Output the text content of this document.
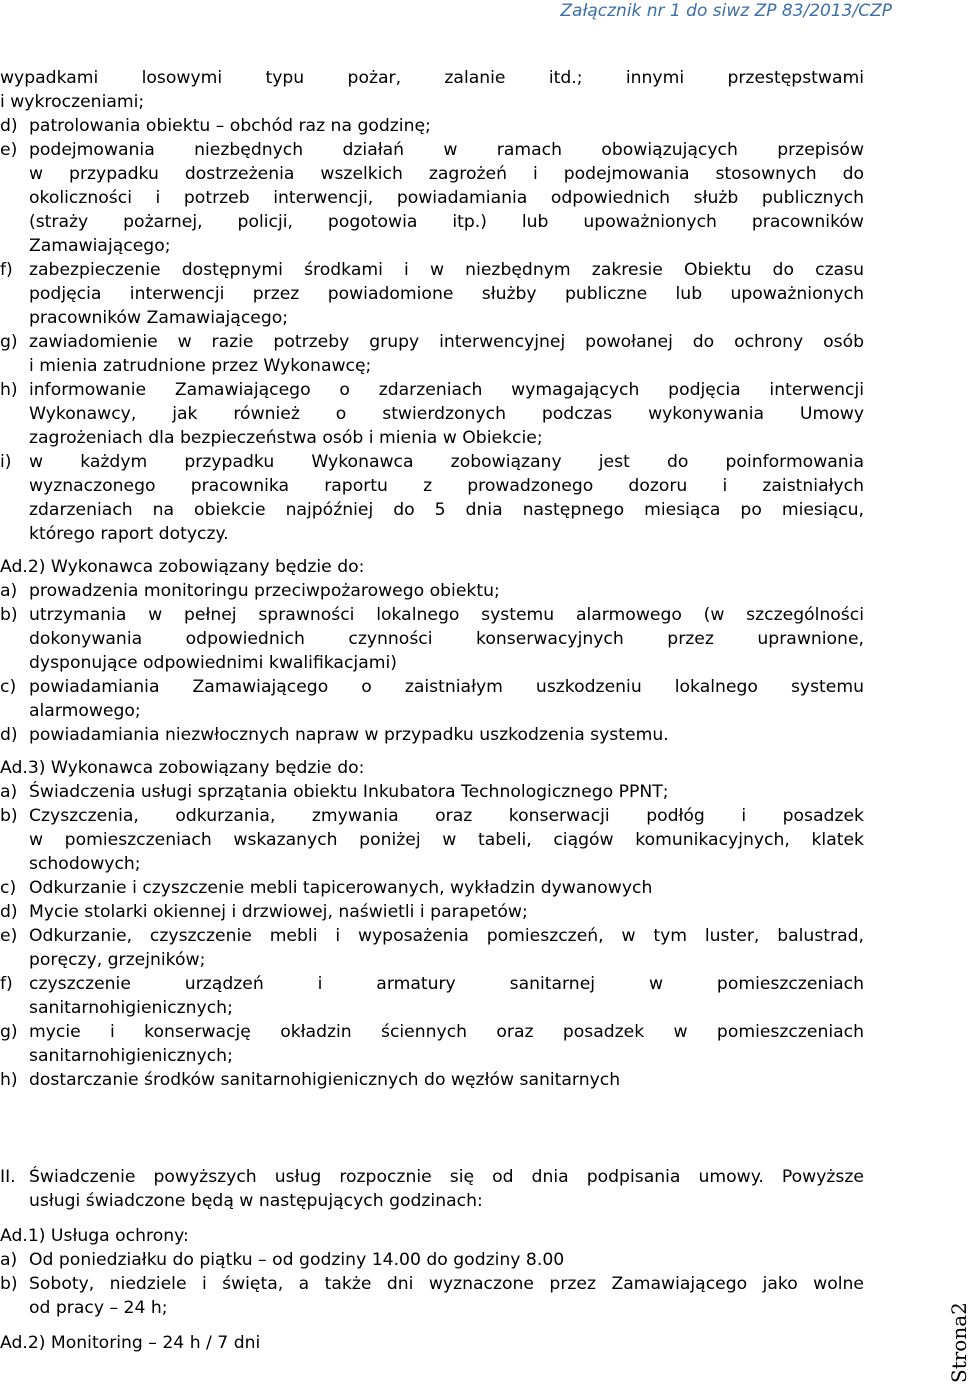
Załącznik nr 1 do siwz ZP 83/2013/CZP
wypadkami losowymi typu pożar, zalanie itd.; innymi przestępstwami
i wykroczeniami;
d) patrolowania obiektu – obchód raz na godzinę;
e) podejmowania niezbędnych działań w ramach obowiązujących przepisów
w przypadku dostrzeżenia wszelkich zagrożeń i podejmowania stosownych do
okoliczności i potrzeb interwencji, powiadamiania odpowiednich służb publicznych
(straży pożarnej, policji, pogotowia itp.) lub upoważnionych pracowników
Zamawiającego;
f) zabezpieczenie dostępnymi środkami i w niezbędnym zakresie Obiektu do czasu
podjęcia interwencji przez powiadomione służby publiczne lub upoważnionych
pracowników Zamawiającego;
g) zawiadomienie w razie potrzeby grupy interwencyjnej powołanej do ochrony osób
i mienia zatrudnione przez Wykonawcę;
h) informowanie Zamawiającego o zdarzeniach wymagających podjęcia interwencji
Wykonawcy, jak również o stwierdzonych podczas wykonywania Umowy
zagrożeniach dla bezpieczeństwa osób i mienia w Obiekcie;
i) w każdym przypadku Wykonawca zobowiązany jest do poinformowania
wyznaczonego pracownika raportu z prowadzonego dozoru i zaistniałych
zdarzeniach na obiekcie najpóźniej do 5 dnia następnego miesiąca po miesiącu,
którego raport dotyczy.
Ad.2) Wykonawca zobowiązany będzie do:
a) prowadzenia monitoringu przeciwpożarowego obiektu;
b) utrzymania w pełnej sprawności lokalnego systemu alarmowego (w szczególności
dokonywania odpowiednich czynności konserwacyjnych przez uprawnione,
dysponujące odpowiednimi kwalifikacjami)
c) powiadamiania Zamawiającego o zaistniałym uszkodzeniu lokalnego systemu
alarmowego;
d) powiadamiania niezwłocznych napraw w przypadku uszkodzenia systemu.
Ad.3) Wykonawca zobowiązany będzie do:
a) Świadczenia usługi sprzątania obiektu Inkubatora Technologicznego PPNT;
b) Czyszczenia, odkurzania, zmywania oraz konserwacji podłóg i posadzek
w pomieszczeniach wskazanych poniżej w tabeli, ciągów komunikacyjnych, klatek
schodowych;
c) Odkurzanie i czyszczenie mebli tapicerowanych, wykładzin dywanowych
d) Mycie stolarki okiennej i drzwiowej, naświetli i parapetów;
e) Odkurzanie, czyszczenie mebli i wyposażenia pomieszczeń, w tym luster, balustrad,
poręczy, grzejników;
f) czyszczenie urządzeń i armatury sanitarnej w pomieszczeniach
sanitarnohigienicznych;
g) mycie i konserwację okładzin ściennych oraz posadzek w pomieszczeniach
sanitarnohigienicznych;
h) dostarczanie środków sanitarnohigienicznych do węzłów sanitarnych
II. Świadczenie powyższych usług rozpocznie się od dnia podpisania umowy. Powyższe
usługi świadczone będą w następujących godzinach:
Ad.1) Usługa ochrony:
a) Od poniedziałku do piątku – od godziny 14.00 do godziny 8.00
b) Soboty, niedziele i święta, a także dni wyznaczone przez Zamawiającego jako wolne
od pracy – 24 h;
Ad.2) Monitoring – 24 h / 7 dni	Strona2
